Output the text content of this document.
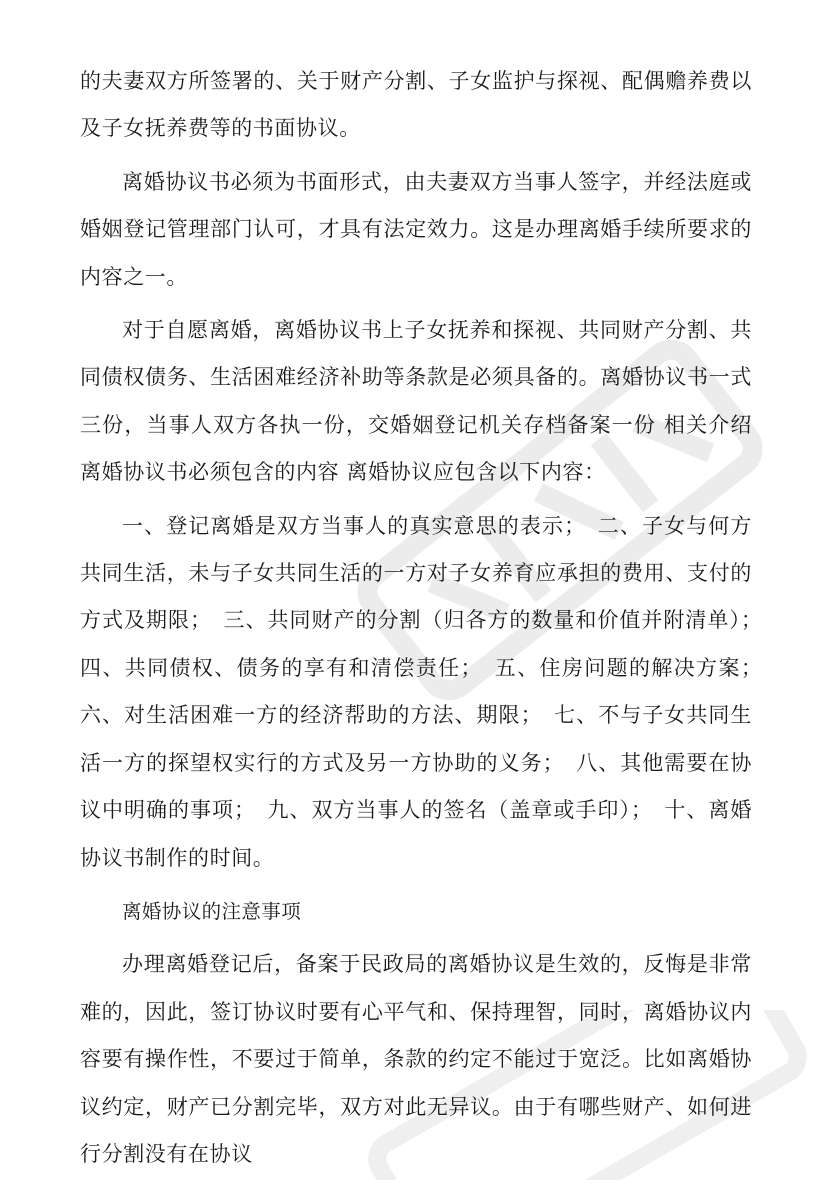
的夫妻双方所签署的、关于财产分割、子女监护与探视、配偶赡养费以及子女抚养费等的书面协议。

离婚协议书必须为书面形式，由夫妻双方当事人签字，并经法庭或婚姻登记管理部门认可，才具有法定效力。这是办理离婚手续所要求的内容之一。

对于自愿离婚，离婚协议书上子女抚养和探视、共同财产分割、共同债权债务、生活困难经济补助等条款是必须具备的。离婚协议书一式三份，当事人双方各执一份，交婚姻登记机关存档备案一份 相关介绍 离婚协议书必须包含的内容 离婚协议应包含以下内容：

一、登记离婚是双方当事人的真实意思的表示；　二、子女与何方共同生活，未与子女共同生活的一方对子女养育应承担的费用、支付的方式及期限；　三、共同财产的分割（归各方的数量和价值并附清单）；　四、共同债权、债务的享有和清偿责任；　五、住房问题的解决方案；　六、对生活困难一方的经济帮助的方法、期限；　七、不与子女共同生活一方的探望权实行的方式及另一方协助的义务；　八、其他需要在协议中明确的事项；　九、双方当事人的签名（盖章或手印）；　十、离婚协议书制作的时间。

离婚协议的注意事项

办理离婚登记后，备案于民政局的离婚协议是生效的，反悔是非常难的，因此，签订协议时要有心平气和、保持理智，同时，离婚协议内容要有操作性，不要过于简单，条款的约定不能过于宽泛。比如离婚协议约定，财产已分割完毕，双方对此无异议。由于有哪些财产、如何进行分割没有在协议
